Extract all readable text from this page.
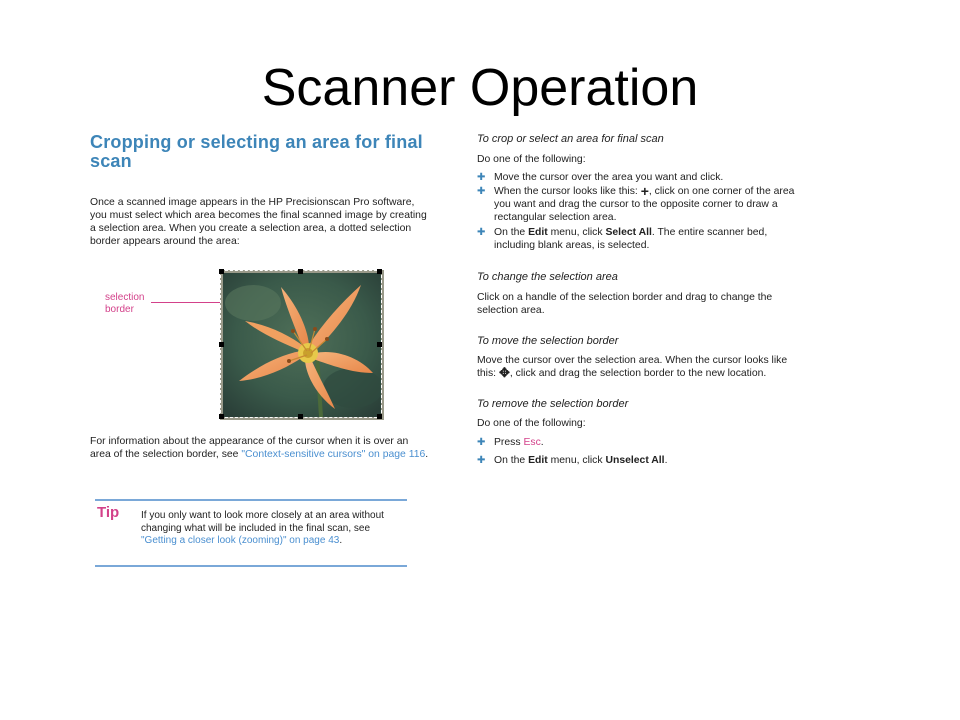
Scanner Operation
Cropping or selecting an area for final scan

Once a scanned image appears in the HP Precisionscan Pro software, you must select which area becomes the final scanned image by creating a selection area. When you create a selection area, a dotted selection border appears around the area:

selection
border

For information about the appearance of the cursor when it is over an area of the selection border, see "Context-sensitive cursors" on page 116.

Tip If you only want to look more closely at an area without changing what will be included in the final scan, see "Getting a closer look (zooming)" on page 43.
To crop or select an area for final scan
Do one of the following:
✚ Move the cursor over the area you want and click.
✚ When the cursor looks like this: +, click on one corner of the area you want and drag the cursor to the opposite corner to draw a rectangular selection area.
✚ On the Edit menu, click Select All. The entire scanner bed, including blank areas, is selected.
To change the selection area
Click on a handle of the selection border and drag to change the selection area.
To move the selection border
Move the cursor over the selection area. When the cursor looks like this: ✥, click and drag the selection border to the new location.
To remove the selection border
Do one of the following:
✚ Press Esc.
✚ On the Edit menu, click Unselect All.
